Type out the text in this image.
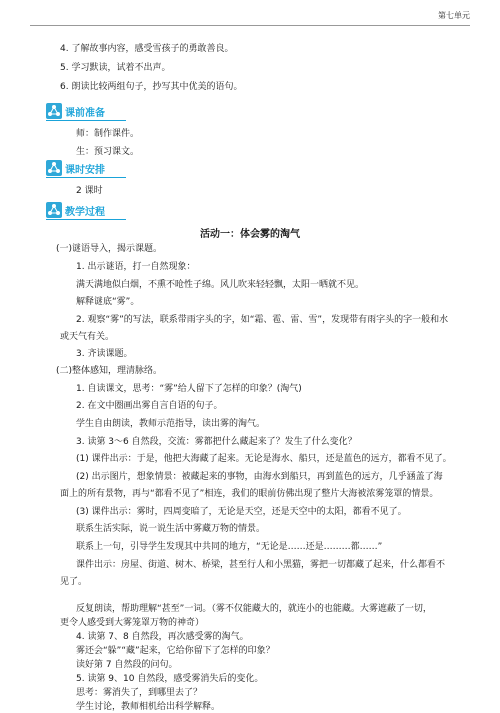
第七单元
4. 了解故事内容，感受雪孩子的勇敢善良。
5. 学习默读，试着不出声。
6. 朗读比较两组句子，抄写其中优美的语句。
课前准备
师：制作课件。
生：预习课文。
课时安排
2 课时
教学过程
活动一：体会雾的淘气
(一)谜语导入，揭示课题。
1. 出示谜语，打一自然现象：
满天满地似白烟，不熏不呛性子绵。风儿吹来轻轻飘，太阳一晒就不见。
解释谜底“雾”。
2. 观察“雾”的写法，联系带雨字头的字，如“霜、雹、雷、雪”，发现带有雨字头的字一般和水
或天气有关。
3. 齐读课题。
(二)整体感知，理清脉络。
1. 自读课文，思考：“雾”给人留下了怎样的印象？(淘气)
2. 在文中圈画出雾自言自语的句子。
学生自由朗读，教师示范指导，读出雾的淘气。
3. 读第 3～6 自然段，交流：雾都把什么藏起来了？发生了什么变化？
(1) 课件出示：于是，他把大海藏了起来。无论是海水、船只，还是蓝色的远方，都看不见了。
(2) 出示图片，想象情景：被藏起来的事物，由海水到船只，再到蓝色的远方，几乎涵盖了海
面上的所有景物，再与“都看不见了”相连，我们的眼前仿佛出现了整片大海被浓雾笼罩的情景。
(3) 课件出示：雾时，四周变暗了，无论是天空，还是天空中的太阳，都看不见了。
联系生活实际，说一说生活中雾藏万物的情景。
联系上一句，引导学生发现其中共同的地方，“无论是……还是………都……”
课件出示：房屋、街道、树木、桥梁，甚至行人和小黑猫，雾把一切都藏了起来，什么都看不
见了。
反复朗读，帮助理解“甚至”一词。（雾不仅能藏大的，就连小的也能藏。大雾遮蔽了一切，
更令人感受到大雾笼罩万物的神奇）
4. 读第 7、8 自然段，再次感受雾的淘气。
雾还会“躲”“藏”起来，它给你留下了怎样的印象？
读好第 7 自然段的问句。
5. 读第 9、10 自然段，感受雾消失后的变化。
思考：雾消失了，到哪里去了？
学生讨论，教师相机给出科学解释。
